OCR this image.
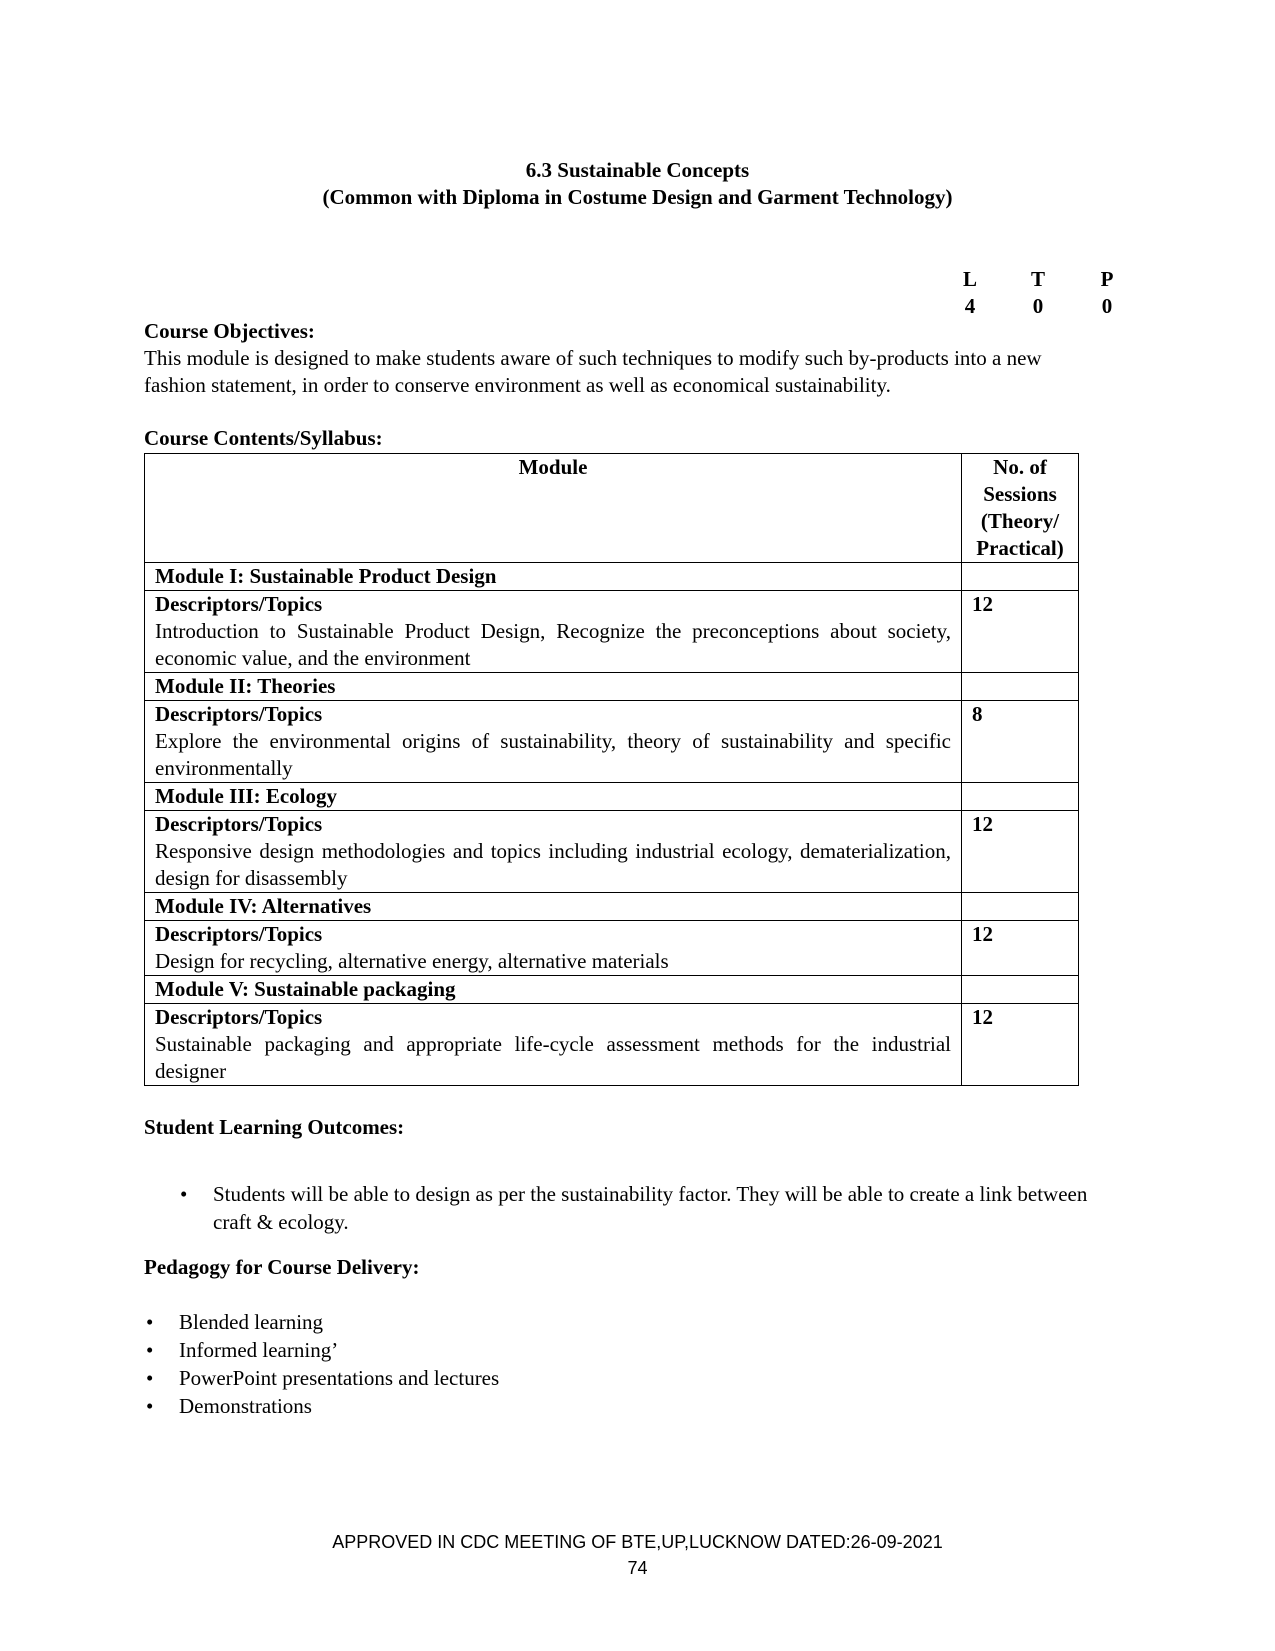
6.3 Sustainable Concepts
(Common with Diploma in Costume Design and Garment Technology)
L	T	P
4	0	0
Course Objectives:
This module is designed to make students aware of such techniques to modify such by-products into a new fashion statement, in order to conserve environment as well as economical sustainability.
Course Contents/Syllabus:
Module	No. of Sessions (Theory/ Practical)
Module I: Sustainable Product Design	

Descriptors/Topics
Introduction to Sustainable Product Design, Recognize the preconceptions about society, economic value, and the environment	12
Module II: Theories	

Descriptors/Topics
Explore the environmental origins of sustainability, theory of sustainability and specific environmentally	8
Module III: Ecology	

Descriptors/Topics
Responsive design methodologies and topics including industrial ecology, dematerialization, design for disassembly	12
Module IV: Alternatives	

Descriptors/Topics
Design for recycling, alternative energy, alternative materials	12
Module V: Sustainable packaging	

Descriptors/Topics
Sustainable packaging and appropriate life-cycle assessment methods for the industrial designer	12
Student Learning Outcomes:
• Students will be able to design as per the sustainability factor. They will be able to create a link between craft & ecology.
Pedagogy for Course Delivery:
• Blended learning
• Informed learning’
• PowerPoint presentations and lectures
• Demonstrations
APPROVED IN CDC MEETING OF BTE,UP,LUCKNOW DATED:26-09-2021
74
